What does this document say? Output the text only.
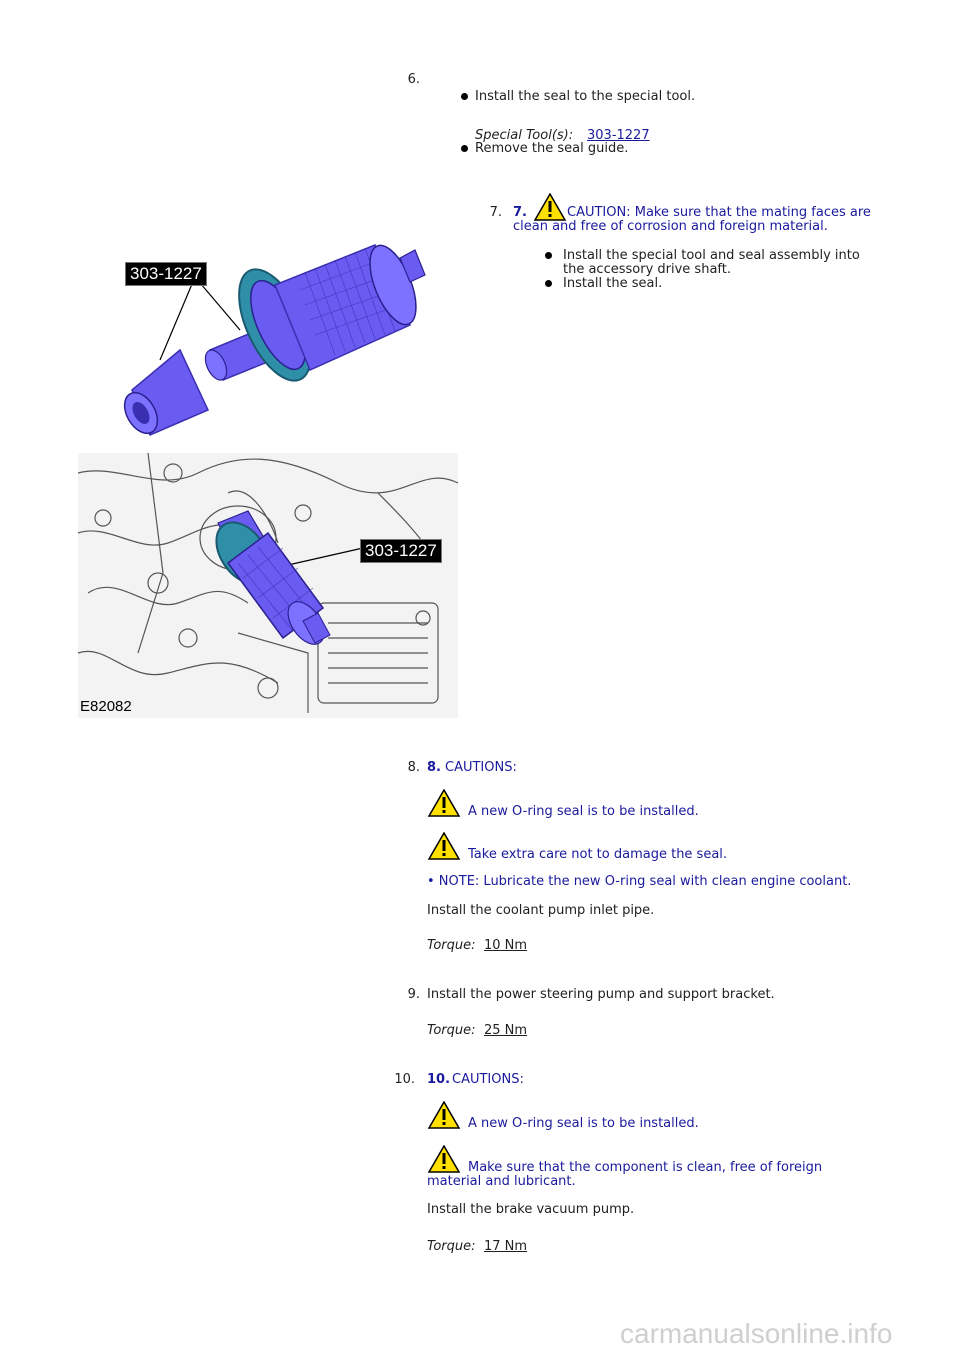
6.
Install the seal to the special tool.
Special Tool(s): 303-1227
Remove the seal guide.
7. 7.	CAUTION: Make sure that the mating faces are
clean and free of corrosion and foreign material.
Install the special tool and seal assembly into
the accessory drive shaft.
Install the seal.
303-1227
303-1227
E82082
8. 8. CAUTIONS:
A new O-ring seal is to be installed.
Take extra care not to damage the seal.
• NOTE: Lubricate the new O-ring seal with clean engine coolant.
Install the coolant pump inlet pipe.
Torque: 10 Nm
9. Install the power steering pump and support bracket.
Torque: 25 Nm
10. 10. CAUTIONS:
A new O-ring seal is to be installed.
Make sure that the component is clean, free of foreign
material and lubricant.
Install the brake vacuum pump.
Torque: 17 Nm
carmanualsonline.info
